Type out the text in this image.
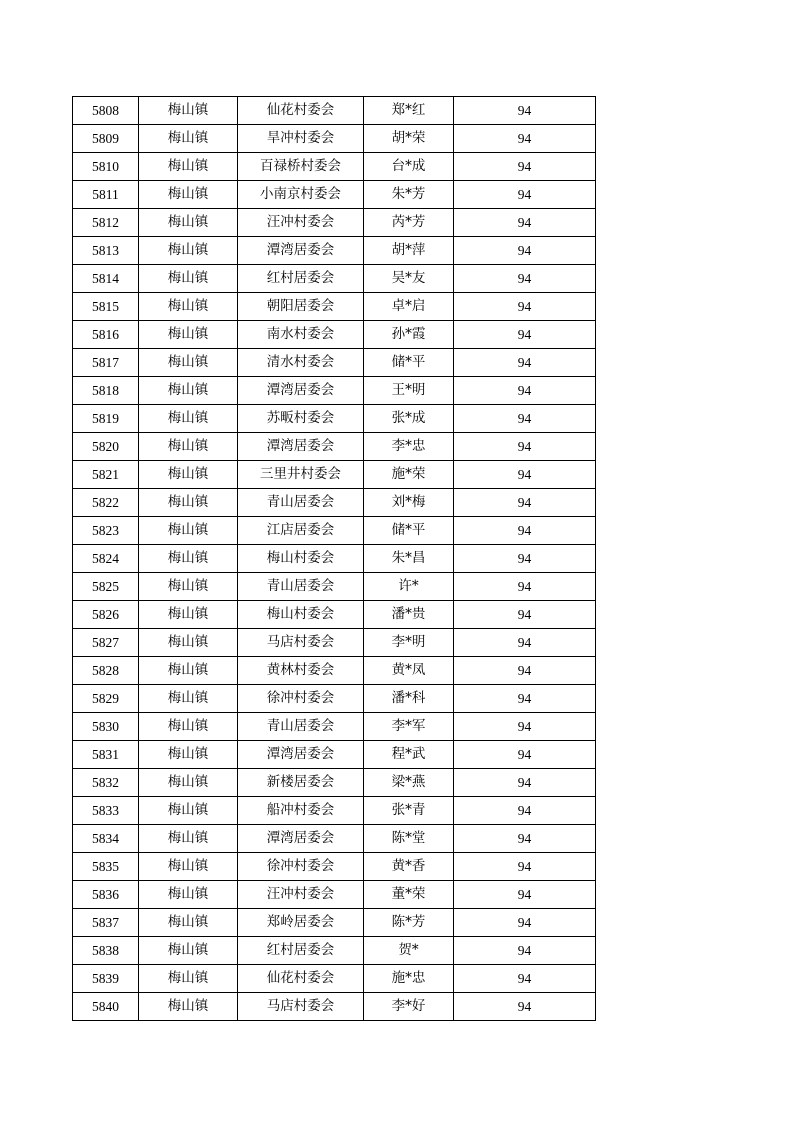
5808	梅山镇	仙花村委会	郑*红	94
5809	梅山镇	旱冲村委会	胡*荣	94
5810	梅山镇	百禄桥村委会	台*成	94
5811	梅山镇	小南京村委会	朱*芳	94
5812	梅山镇	汪冲村委会	芮*芳	94
5813	梅山镇	潭湾居委会	胡*萍	94
5814	梅山镇	红村居委会	吴*友	94
5815	梅山镇	朝阳居委会	卓*启	94
5816	梅山镇	南水村委会	孙*霞	94
5817	梅山镇	清水村委会	储*平	94
5818	梅山镇	潭湾居委会	王*明	94
5819	梅山镇	苏畈村委会	张*成	94
5820	梅山镇	潭湾居委会	李*忠	94
5821	梅山镇	三里井村委会	施*荣	94
5822	梅山镇	青山居委会	刘*梅	94
5823	梅山镇	江店居委会	储*平	94
5824	梅山镇	梅山村委会	朱*昌	94
5825	梅山镇	青山居委会	许*	94
5826	梅山镇	梅山村委会	潘*贵	94
5827	梅山镇	马店村委会	李*明	94
5828	梅山镇	黄林村委会	黄*凤	94
5829	梅山镇	徐冲村委会	潘*科	94
5830	梅山镇	青山居委会	李*军	94
5831	梅山镇	潭湾居委会	程*武	94
5832	梅山镇	新楼居委会	梁*燕	94
5833	梅山镇	船冲村委会	张*青	94
5834	梅山镇	潭湾居委会	陈*堂	94
5835	梅山镇	徐冲村委会	黄*香	94
5836	梅山镇	汪冲村委会	董*荣	94
5837	梅山镇	郑岭居委会	陈*芳	94
5838	梅山镇	红村居委会	贺*	94
5839	梅山镇	仙花村委会	施*忠	94
5840	梅山镇	马店村委会	李*好	94
